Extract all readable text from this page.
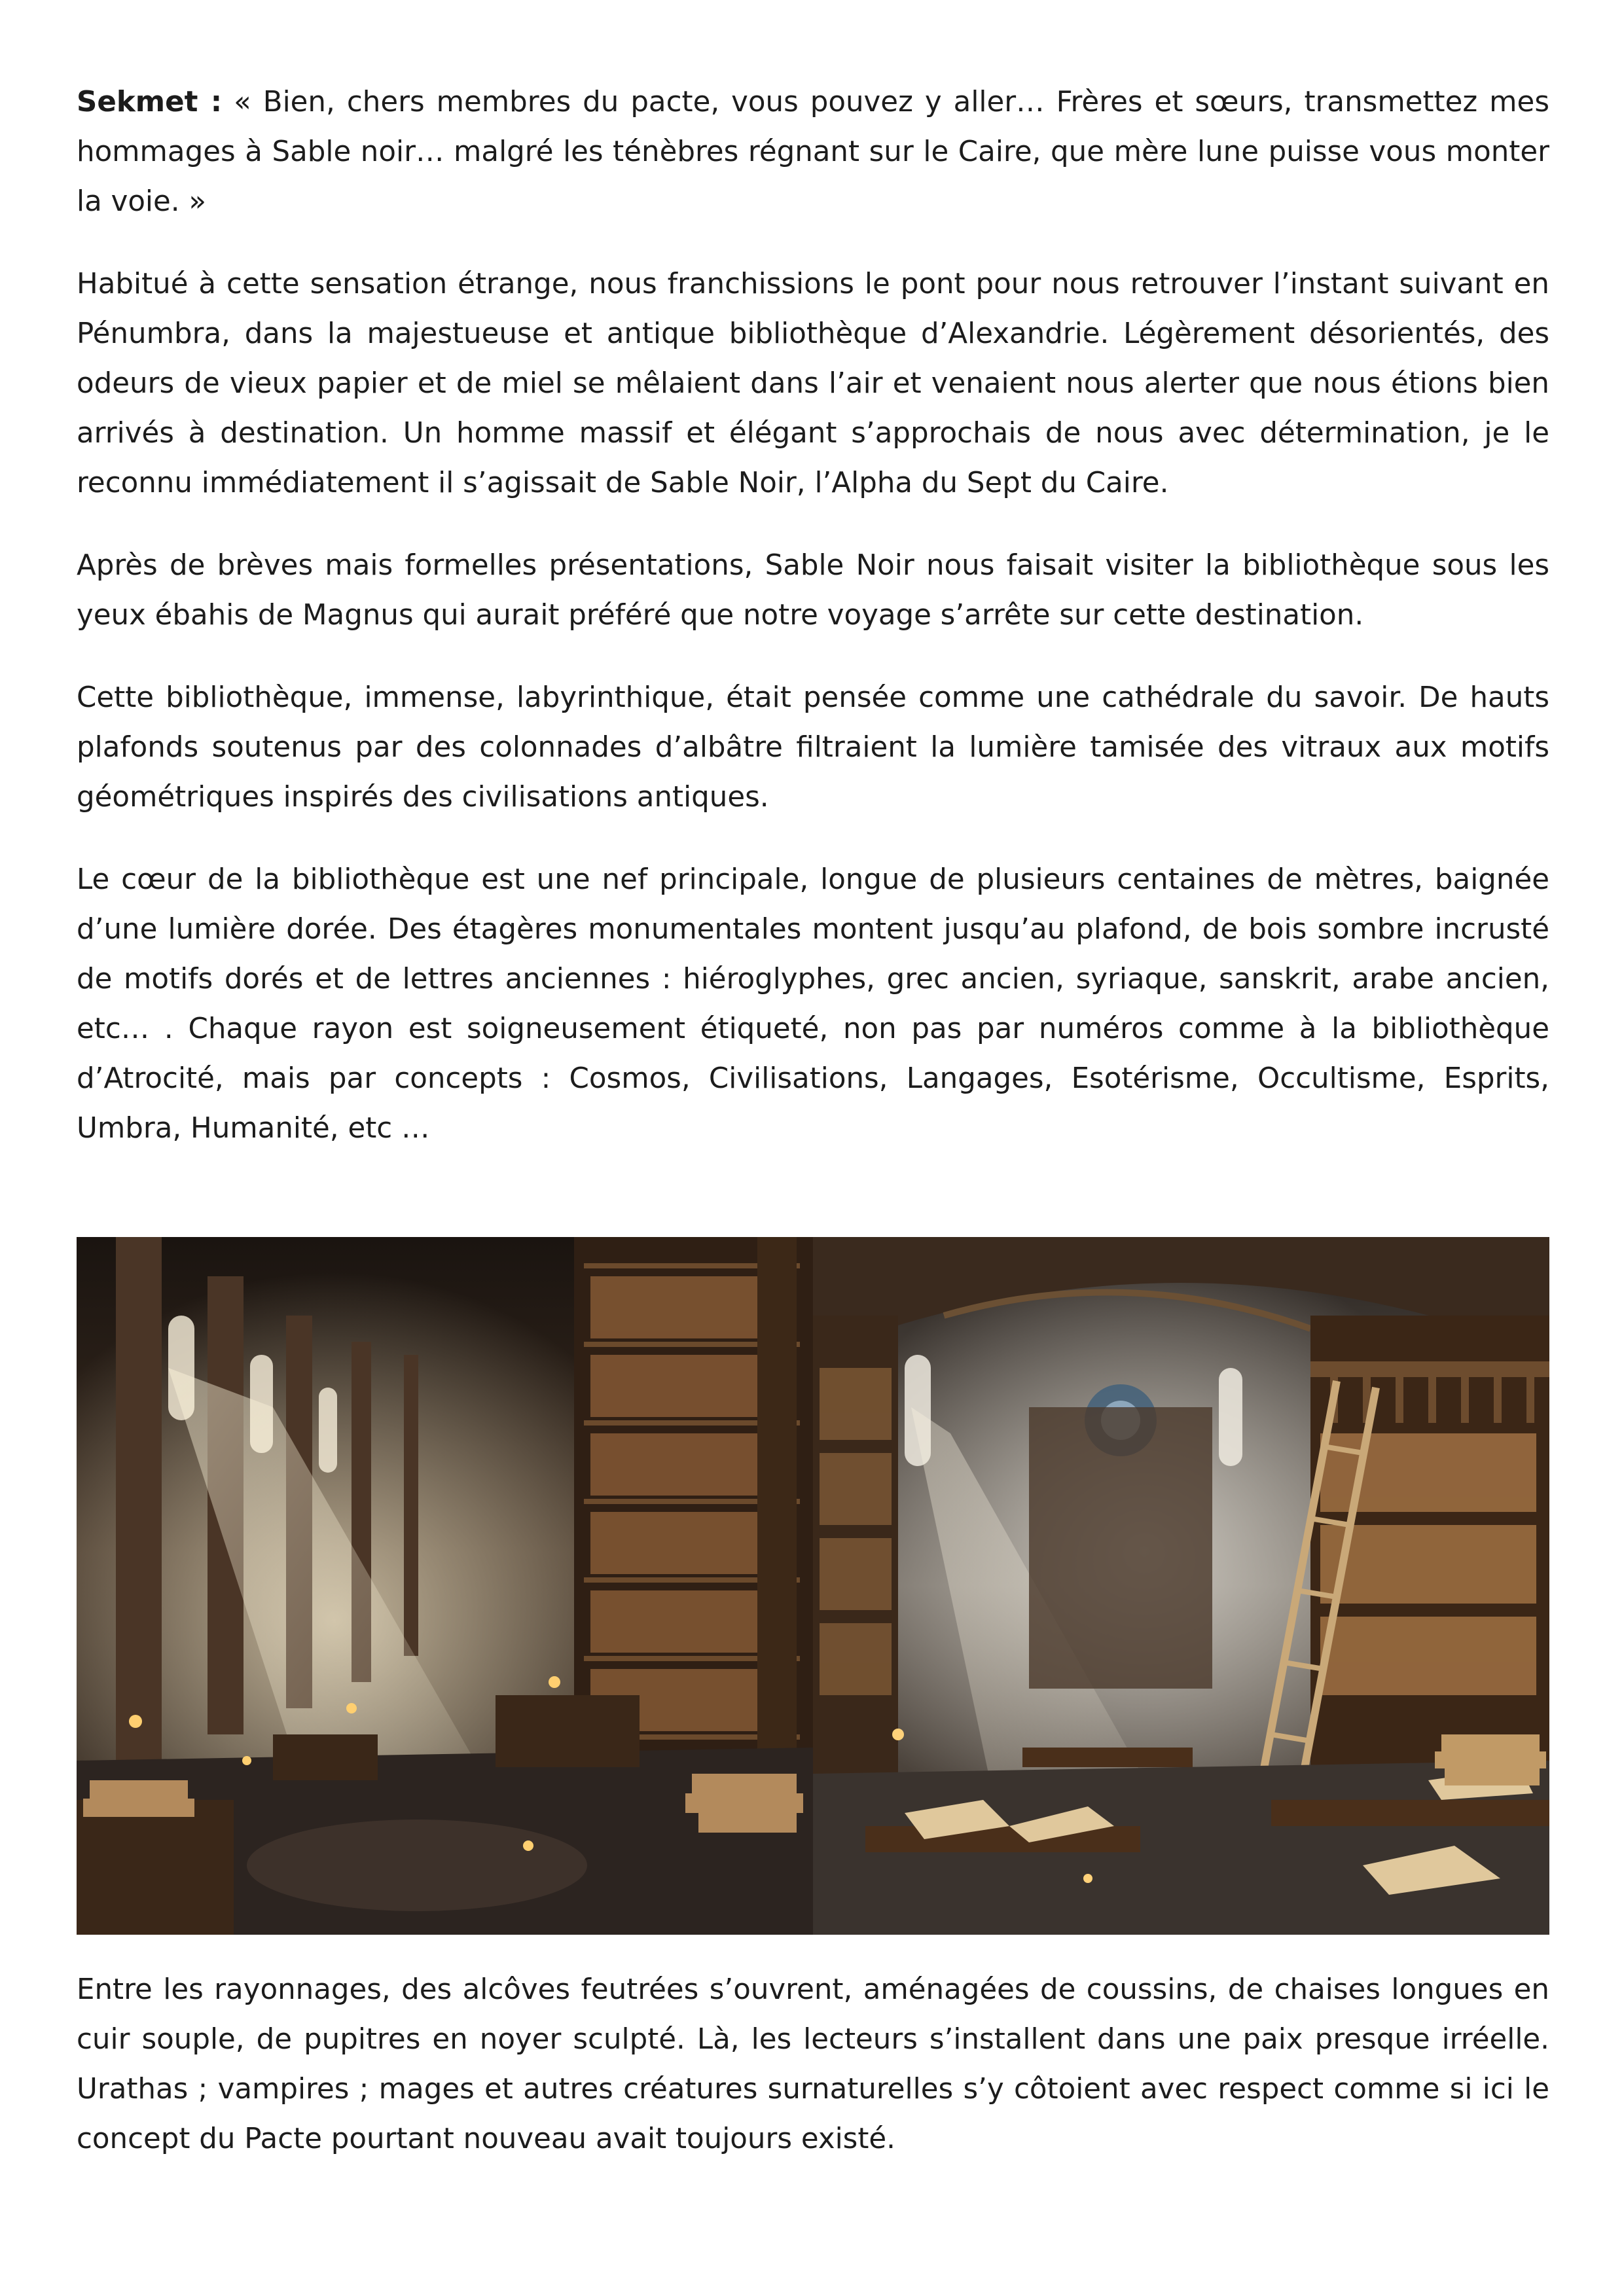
Sekmet : « Bien, chers membres du pacte, vous pouvez y aller… Frères et sœurs, transmettez mes hommages à Sable noir… malgré les ténèbres régnant sur le Caire, que mère lune puisse vous monter la voie. »

Habitué à cette sensation étrange, nous franchissions le pont pour nous retrouver l’instant suivant en Pénumbra, dans la majestueuse et antique bibliothèque d’Alexandrie. Légèrement désorientés, des odeurs de vieux papier et de miel se mêlaient dans l’air et venaient nous alerter que nous étions bien arrivés à destination. Un homme massif et élégant s’approchais de nous avec détermination, je le reconnu immédiatement il s’agissait de Sable Noir, l’Alpha du Sept du Caire.

Après de brèves mais formelles présentations, Sable Noir nous faisait visiter la bibliothèque sous les yeux ébahis de Magnus qui aurait préféré que notre voyage s’arrête sur cette destination.

Cette bibliothèque, immense, labyrinthique, était pensée comme une cathédrale du savoir. De hauts plafonds soutenus par des colonnades d’albâtre filtraient la lumière tamisée des vitraux aux motifs géométriques inspirés des civilisations antiques.

Le cœur de la bibliothèque est une nef principale, longue de plusieurs centaines de mètres, baignée d’une lumière dorée. Des étagères monumentales montent jusqu’au plafond, de bois sombre incrusté de motifs dorés et de lettres anciennes : hiéroglyphes, grec ancien, syriaque, sanskrit, arabe ancien, etc… . Chaque rayon est soigneusement étiqueté, non pas par numéros comme à la bibliothèque d’Atrocité, mais par concepts : Cosmos, Civilisations, Langages, Esotérisme, Occultisme, Esprits, Umbra, Humanité, etc …

Entre les rayonnages, des alcôves feutrées s’ouvrent, aménagées de coussins, de chaises longues en cuir souple, de pupitres en noyer sculpté. Là, les lecteurs s’installent dans une paix presque irréelle. Urathas ; vampires ; mages et autres créatures surnaturelles s’y côtoient avec respect comme si ici le concept du Pacte pourtant nouveau avait toujours existé.
